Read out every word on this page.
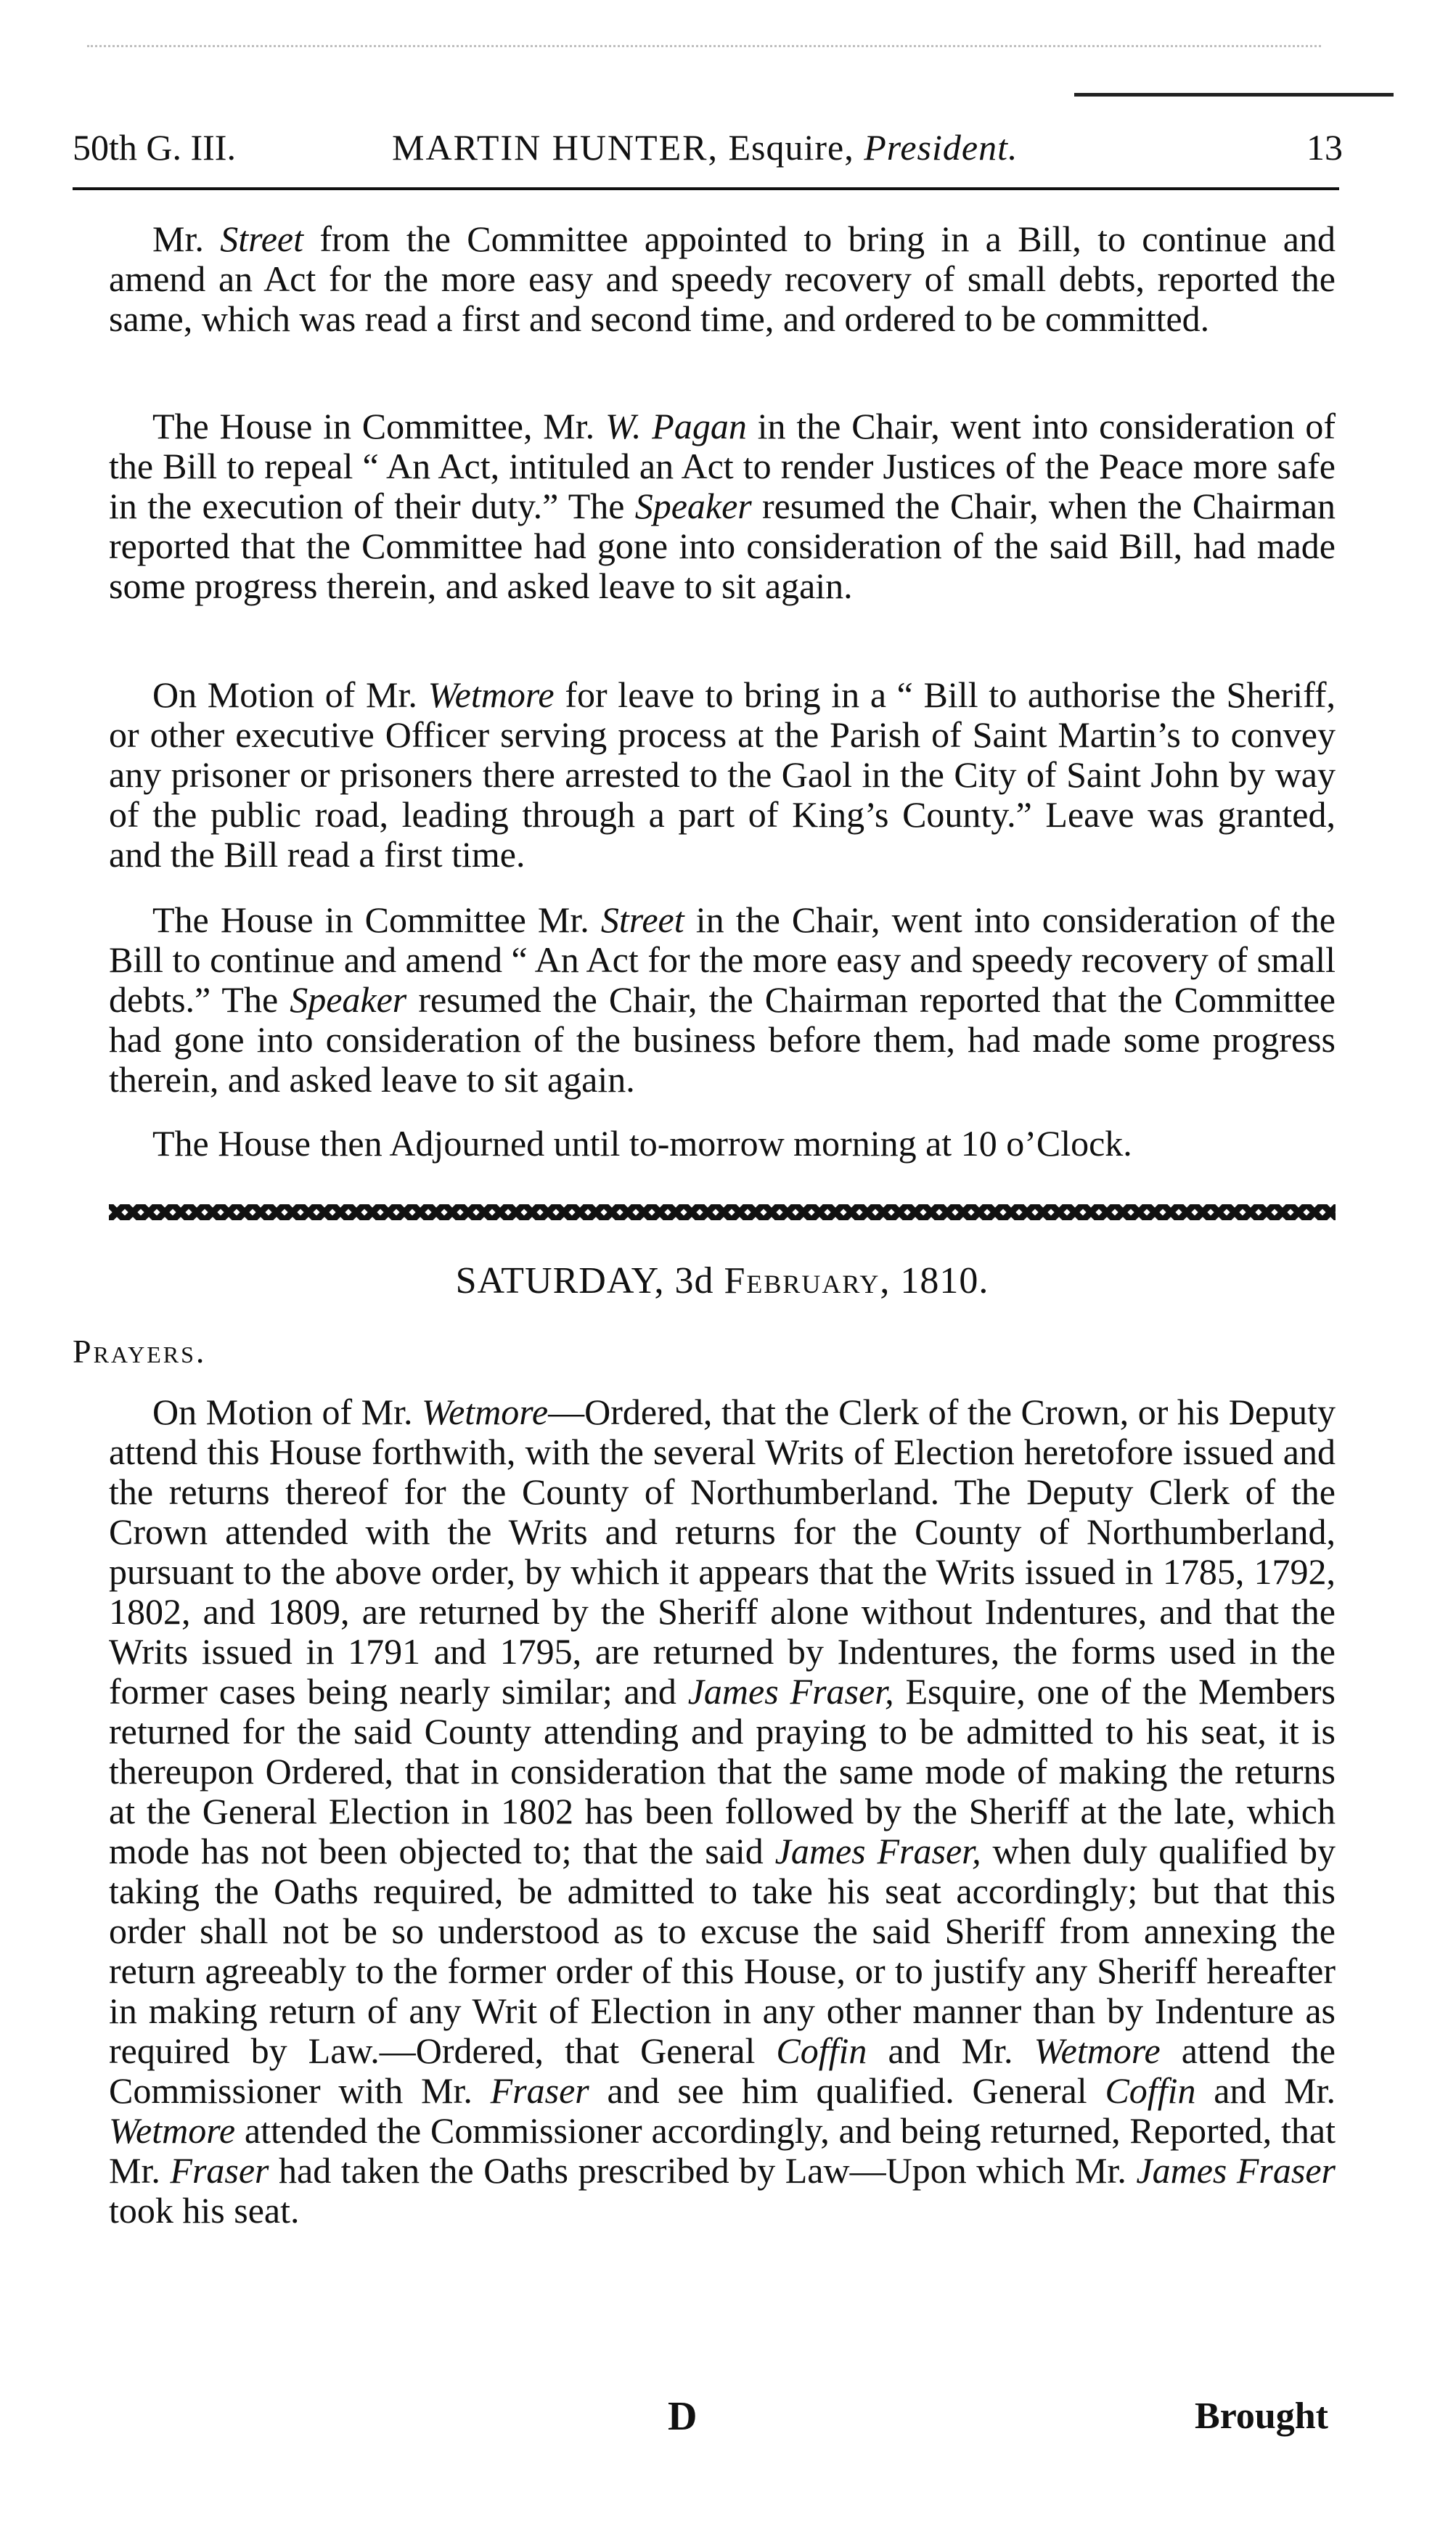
50th G. III.	MARTIN HUNTER, Esquire, President.	13

Mr. Street from the Committee appointed to bring in a Bill, to continue and amend an Act for the more easy and speedy recovery of small debts, reported the same, which was read a first and second time, and ordered to be committed.

The House in Committee, Mr. W. Pagan in the Chair, went into consideration of the Bill to repeal “ An Act, intituled an Act to render Justices of the Peace more safe in the execution of their duty.” The Speaker resumed the Chair, when the Chairman reported that the Committee had gone into consideration of the said Bill, had made some progress therein, and asked leave to sit again.

On Motion of Mr. Wetmore for leave to bring in a “ Bill to authorise the Sheriff, or other executive Officer serving process at the Parish of Saint Martin’s to convey any prisoner or prisoners there arrested to the Gaol in the City of Saint John by way of the public road, leading through a part of King’s County.” Leave was granted, and the Bill read a first time.

The House in Committee Mr. Street in the Chair, went into consideration of the Bill to continue and amend “ An Act for the more easy and speedy recovery of small debts.” The Speaker resumed the Chair, the Chairman reported that the Committee had gone into consideration of the business before them, had made some progress therein, and asked leave to sit again.

The House then Adjourned until to-morrow morning at 10 o’Clock.

SATURDAY, 3d February, 1810.
Prayers.

On Motion of Mr. Wetmore—Ordered, that the Clerk of the Crown, or his Deputy attend this House forthwith, with the several Writs of Election heretofore issued and the returns thereof for the County of Northumberland. The Deputy Clerk of the Crown attended with the Writs and returns for the County of Northumberland, pursuant to the above order, by which it appears that the Writs issued in 1785, 1792, 1802, and 1809, are returned by the Sheriff alone without Indentures, and that the Writs issued in 1791 and 1795, are returned by Indentures, the forms used in the former cases being nearly similar; and James Fraser, Esquire, one of the Members returned for the said County attending and praying to be admitted to his seat, it is thereupon Ordered, that in consideration that the same mode of making the returns at the General Election in 1802 has been followed by the Sheriff at the late, which mode has not been objected to; that the said James Fraser, when duly qualified by taking the Oaths required, be admitted to take his seat accordingly; but that this order shall not be so understood as to excuse the said Sheriff from annexing the return agreeably to the former order of this House, or to justify any Sheriff hereafter in making return of any Writ of Election in any other manner than by Indenture as required by Law.—Ordered, that General Coffin and Mr. Wetmore attend the Commissioner with Mr. Fraser and see him qualified. General Coffin and Mr. Wetmore attended the Commissioner accordingly, and being returned, Reported, that Mr. Fraser had taken the Oaths prescribed by Law—Upon which Mr. James Fraser took his seat.

D	Brought
